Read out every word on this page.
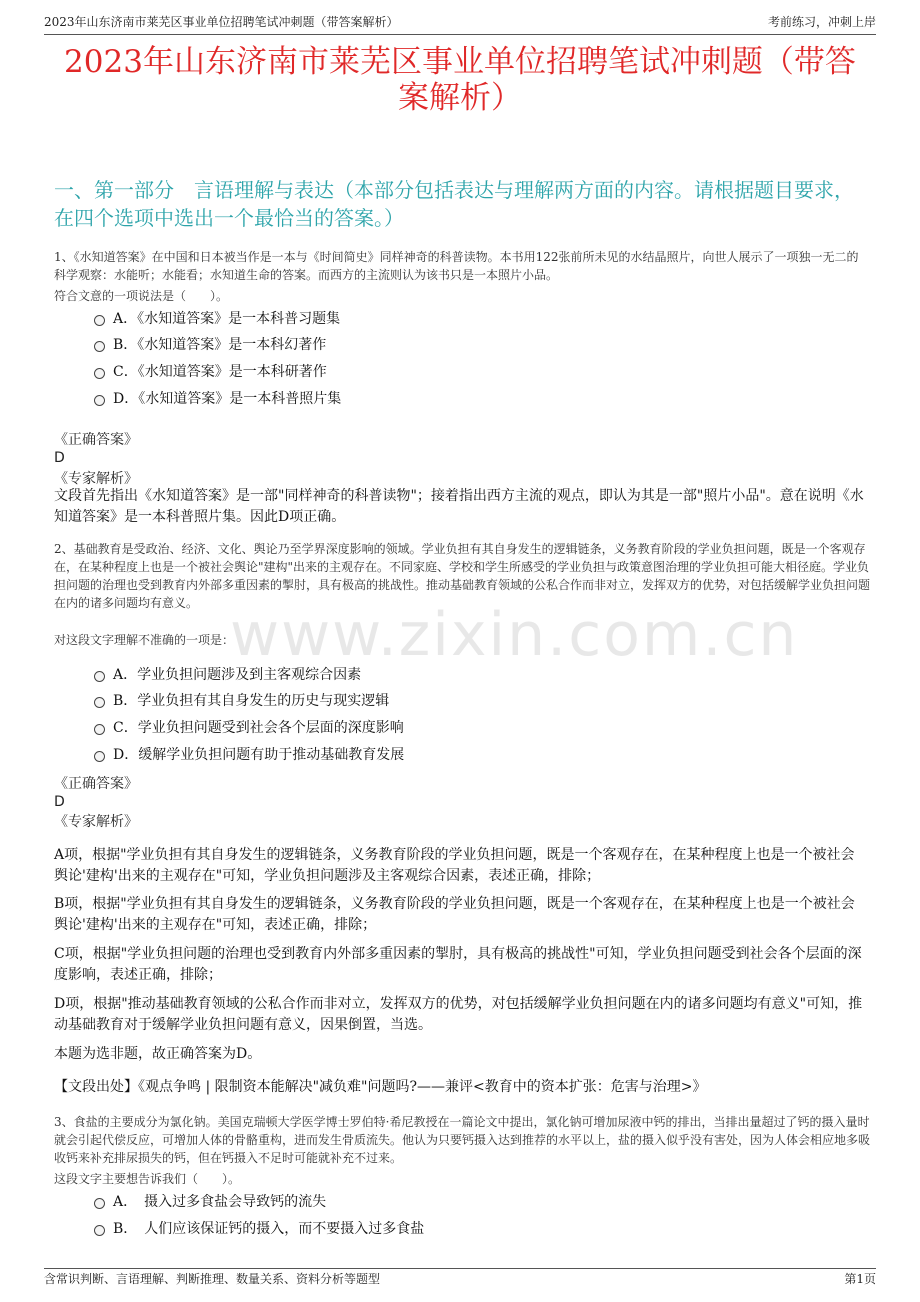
2023年山东济南市莱芜区事业单位招聘笔试冲刺题（带答案解析）	考前练习，冲刺上岸
2023年山东济南市莱芜区事业单位招聘笔试冲刺题（带答案解析）
一、第一部分　言语理解与表达（本部分包括表达与理解两方面的内容。请根据题目要求，在四个选项中选出一个最恰当的答案。）
www.zixin.com.cn
1、《水知道答案》在中国和日本被当作是一本与《时间简史》同样神奇的科普读物。本书用122张前所未见的水结晶照片，向世人展示了一项独一无二的科学观察：水能听；水能看；水知道生命的答案。而西方的主流则认为该书只是一本照片小品。
符合文意的一项说法是（　　）。
A．《水知道答案》是一本科普习题集
B．《水知道答案》是一本科幻著作
C．《水知道答案》是一本科研著作
D．《水知道答案》是一本科普照片集
《正确答案》
D
《专家解析》
文段首先指出《水知道答案》是一部"同样神奇的科普读物"；接着指出西方主流的观点，即认为其是一部"照片小品"。意在说明《水知道答案》是一本科普照片集。因此D项正确。
2、基础教育是受政治、经济、文化、舆论乃至学界深度影响的领域。学业负担有其自身发生的逻辑链条，义务教育阶段的学业负担问题，既是一个客观存在，在某种程度上也是一个被社会舆论"建构"出来的主观存在。不同家庭、学校和学生所感受的学业负担与政策意图治理的学业负担可能大相径庭。学业负担问题的治理也受到教育内外部多重因素的掣肘，具有极高的挑战性。推动基础教育领域的公私合作而非对立，发挥双方的优势，对包括缓解学业负担问题在内的诸多问题均有意义。
对这段文字理解不准确的一项是：
A．学业负担问题涉及到主客观综合因素
B．学业负担有其自身发生的历史与现实逻辑
C．学业负担问题受到社会各个层面的深度影响
D．缓解学业负担问题有助于推动基础教育发展
《正确答案》
D
《专家解析》
A项，根据"学业负担有其自身发生的逻辑链条，义务教育阶段的学业负担问题，既是一个客观存在，在某种程度上也是一个被社会舆论'建构'出来的主观存在"可知，学业负担问题涉及主客观综合因素，表述正确，排除；
B项，根据"学业负担有其自身发生的逻辑链条，义务教育阶段的学业负担问题，既是一个客观存在，在某种程度上也是一个被社会舆论'建构'出来的主观存在"可知，表述正确，排除；
C项，根据"学业负担问题的治理也受到教育内外部多重因素的掣肘，具有极高的挑战性"可知，学业负担问题受到社会各个层面的深度影响，表述正确，排除；
D项，根据"推动基础教育领域的公私合作而非对立，发挥双方的优势，对包括缓解学业负担问题在内的诸多问题均有意义"可知，推动基础教育对于缓解学业负担问题有意义，因果倒置，当选。
本题为选非题，故正确答案为D。
【文段出处】《观点争鸣 | 限制资本能解决"减负难"问题吗?——兼评<教育中的资本扩张：危害与治理>》
3、食盐的主要成分为氯化钠。美国克瑞顿大学医学博士罗伯特·希尼教授在一篇论文中提出，氯化钠可增加尿液中钙的排出，当排出量超过了钙的摄入量时就会引起代偿反应，可增加人体的骨骼重构，进而发生骨质流失。他认为只要钙摄入达到推荐的水平以上，盐的摄入似乎没有害处，因为人体会相应地多吸收钙来补充排尿损失的钙，但在钙摄入不足时可能就补充不过来。
这段文字主要想告诉我们（　　）。
A．　摄入过多食盐会导致钙的流失
B．　人们应该保证钙的摄入，而不要摄入过多食盐
含常识判断、言语理解、判断推理、数量关系、资料分析等题型	第1页
